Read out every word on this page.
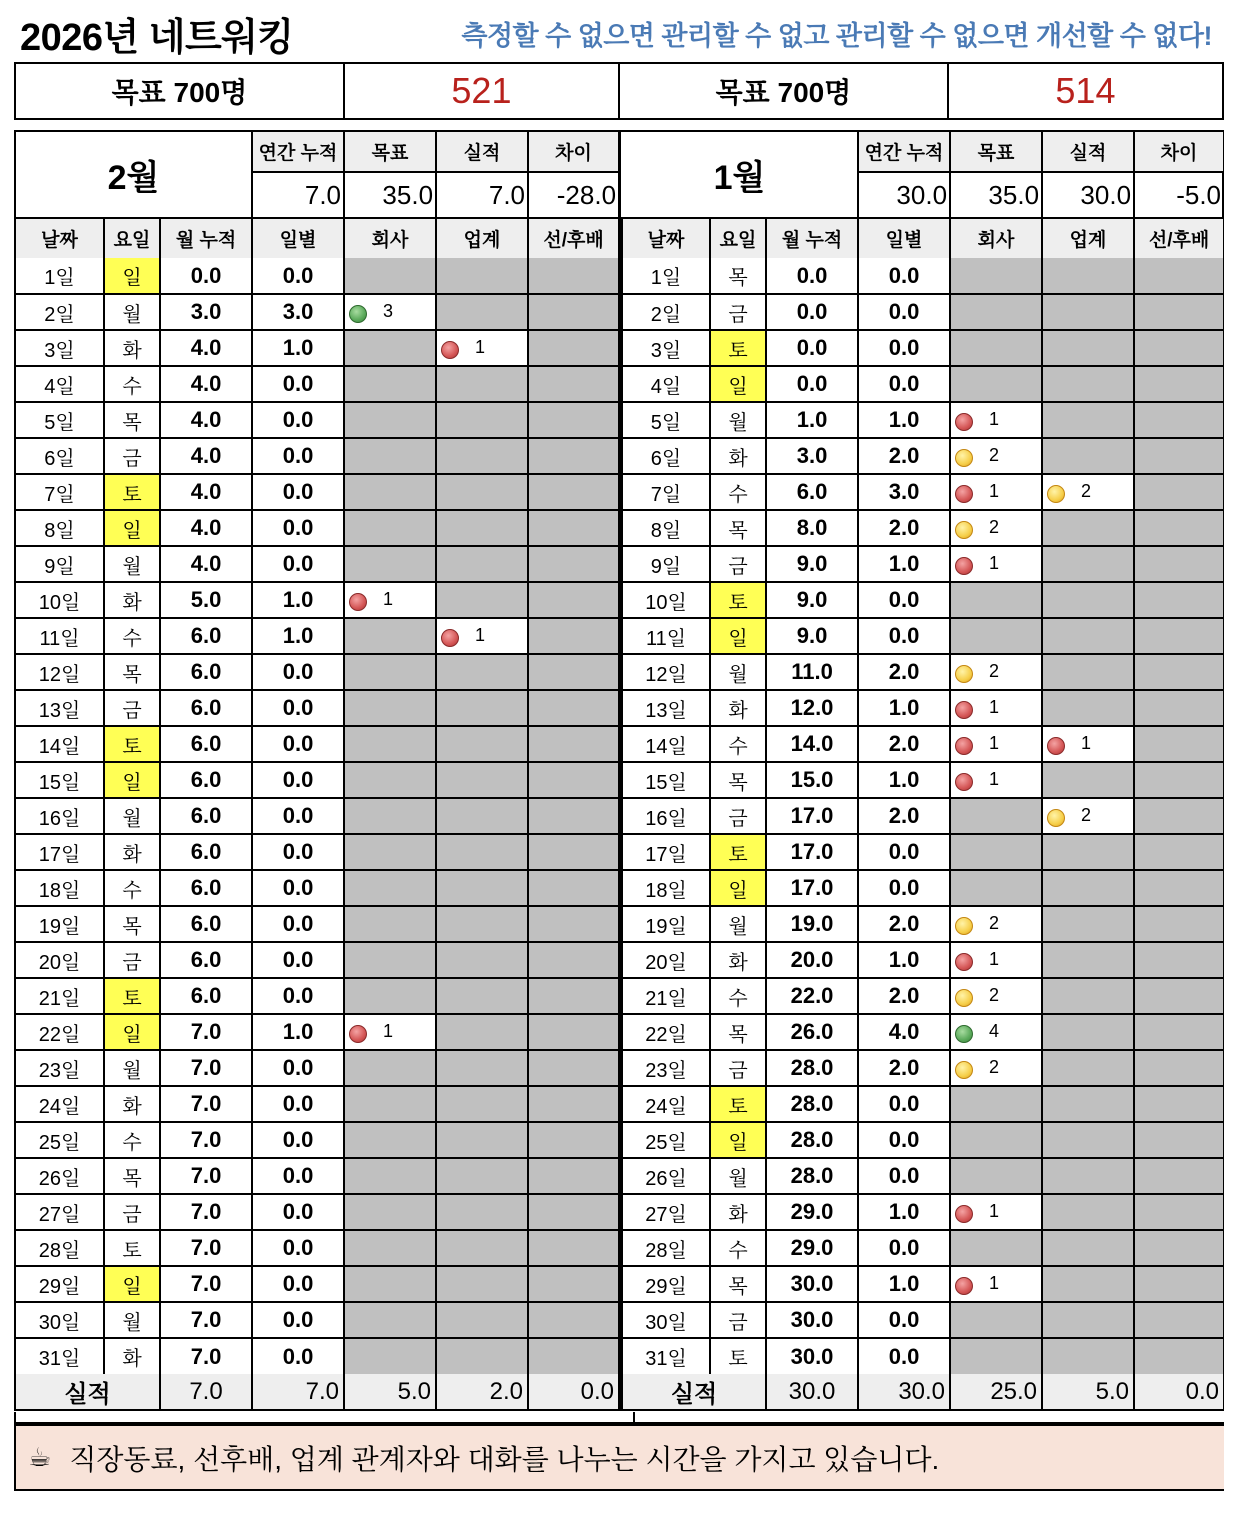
2026년 네트워킹	측정할 수 없으면 관리할 수 없고 관리할 수 없으면 개선할 수 없다!
목표 700명	521	목표 700명	514
2월			연간 누적	목표	실적	차이
			7.0	35.0	7.0	-28.0
날짜	요일	월 누적	일별	회사	업계	선/후배
1일	일	0.0	0.0			
2일	월	3.0	3.0	3		
3일	화	4.0	1.0		1	
4일	수	4.0	0.0			
5일	목	4.0	0.0			
6일	금	4.0	0.0			
7일	토	4.0	0.0			
8일	일	4.0	0.0			
9일	월	4.0	0.0			
10일	화	5.0	1.0	1		
11일	수	6.0	1.0		1	
12일	목	6.0	0.0			
13일	금	6.0	0.0			
14일	토	6.0	0.0			
15일	일	6.0	0.0			
16일	월	6.0	0.0			
17일	화	6.0	0.0			
18일	수	6.0	0.0			
19일	목	6.0	0.0			
20일	금	6.0	0.0			
21일	토	6.0	0.0			
22일	일	7.0	1.0	1		
23일	월	7.0	0.0			
24일	화	7.0	0.0			
25일	수	7.0	0.0			
26일	목	7.0	0.0			
27일	금	7.0	0.0			
28일	토	7.0	0.0			
29일	일	7.0	0.0			
30일	월	7.0	0.0			
31일	화	7.0	0.0			
실적		7.0	7.0	5.0	2.0	0.0
1월			연간 누적	목표	실적	차이
			30.0	35.0	30.0	-5.0
날짜	요일	월 누적	일별	회사	업계	선/후배
1일	목	0.0	0.0			
2일	금	0.0	0.0			
3일	토	0.0	0.0			
4일	일	0.0	0.0			
5일	월	1.0	1.0	1		
6일	화	3.0	2.0	2		
7일	수	6.0	3.0	1	2	
8일	목	8.0	2.0	2		
9일	금	9.0	1.0	1		
10일	토	9.0	0.0			
11일	일	9.0	0.0			
12일	월	11.0	2.0	2		
13일	화	12.0	1.0	1		
14일	수	14.0	2.0	1	1	
15일	목	15.0	1.0	1		
16일	금	17.0	2.0		2	
17일	토	17.0	0.0			
18일	일	17.0	0.0			
19일	월	19.0	2.0	2		
20일	화	20.0	1.0	1		
21일	수	22.0	2.0	2		
22일	목	26.0	4.0	4		
23일	금	28.0	2.0	2		
24일	토	28.0	0.0			
25일	일	28.0	0.0			
26일	월	28.0	0.0			
27일	화	29.0	1.0	1		
28일	수	29.0	0.0			
29일	목	30.0	1.0	1		
30일	금	30.0	0.0			
31일	토	30.0	0.0			
실적		30.0	30.0	25.0	5.0	0.0
☕ 직장동료, 선후배, 업계 관계자와 대화를 나누는 시간을 가지고 있습니다.
